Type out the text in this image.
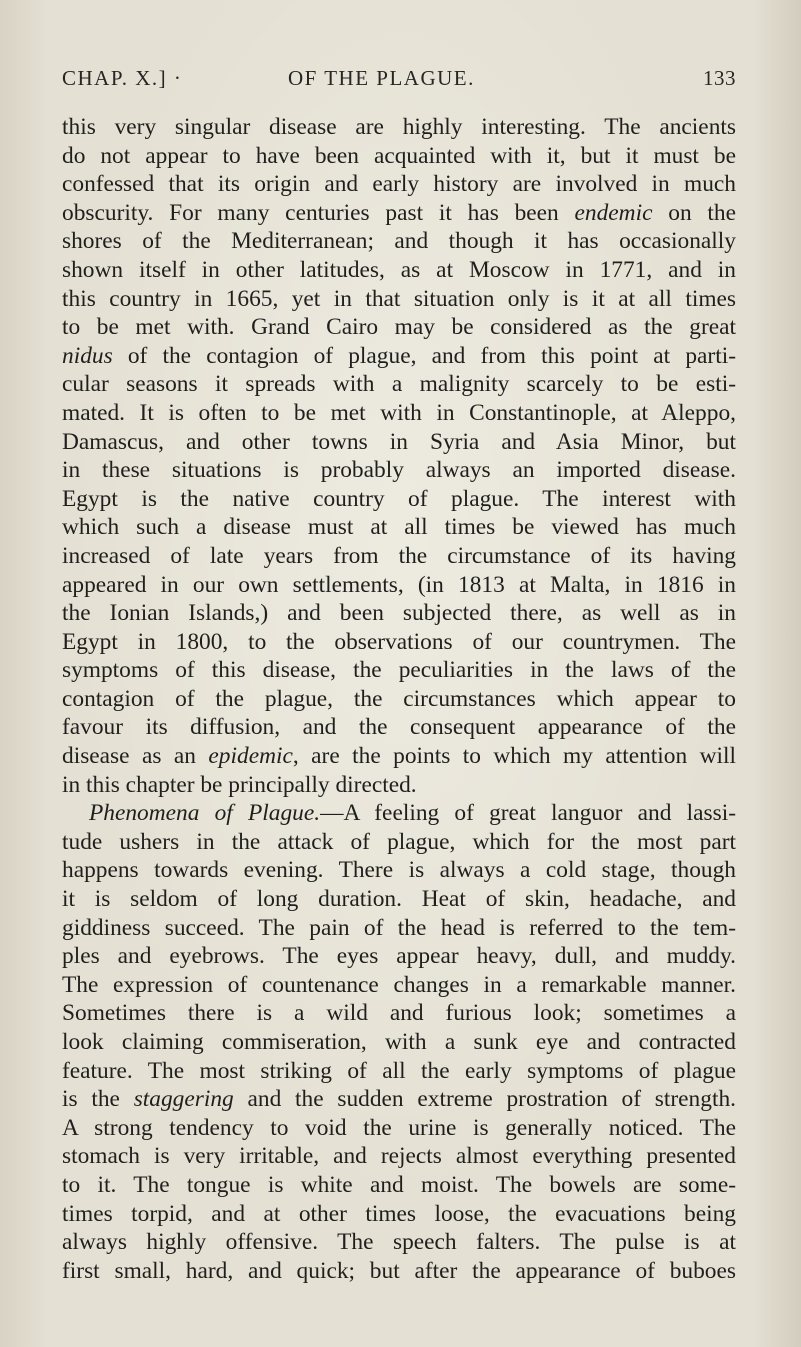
CHAP. X.] ·	OF THE PLAGUE.	133
this very singular disease are highly interesting. The ancients
do not appear to have been acquainted with it, but it must be
confessed that its origin and early history are involved in much
obscurity. For many centuries past it has been endemic on the
shores of the Mediterranean; and though it has occasionally
shown itself in other latitudes, as at Moscow in 1771, and in
this country in 1665, yet in that situation only is it at all times
to be met with. Grand Cairo may be considered as the great
nidus of the contagion of plague, and from this point at parti-
cular seasons it spreads with a malignity scarcely to be esti-
mated. It is often to be met with in Constantinople, at Aleppo,
Damascus, and other towns in Syria and Asia Minor, but
in these situations is probably always an imported disease.
Egypt is the native country of plague. The interest with
which such a disease must at all times be viewed has much
increased of late years from the circumstance of its having
appeared in our own settlements, (in 1813 at Malta, in 1816 in
the Ionian Islands,) and been subjected there, as well as in
Egypt in 1800, to the observations of our countrymen. The
symptoms of this disease, the peculiarities in the laws of the
contagion of the plague, the circumstances which appear to
favour its diffusion, and the consequent appearance of the
disease as an epidemic, are the points to which my attention will
in this chapter be principally directed.
Phenomena of Plague.—A feeling of great languor and lassi-
tude ushers in the attack of plague, which for the most part
happens towards evening. There is always a cold stage, though
it is seldom of long duration. Heat of skin, headache, and
giddiness succeed. The pain of the head is referred to the tem-
ples and eyebrows. The eyes appear heavy, dull, and muddy.
The expression of countenance changes in a remarkable manner.
Sometimes there is a wild and furious look; sometimes a
look claiming commiseration, with a sunk eye and contracted
feature. The most striking of all the early symptoms of plague
is the staggering and the sudden extreme prostration of strength.
A strong tendency to void the urine is generally noticed. The
stomach is very irritable, and rejects almost everything presented
to it. The tongue is white and moist. The bowels are some-
times torpid, and at other times loose, the evacuations being
always highly offensive. The speech falters. The pulse is at
first small, hard, and quick; but after the appearance of buboes
